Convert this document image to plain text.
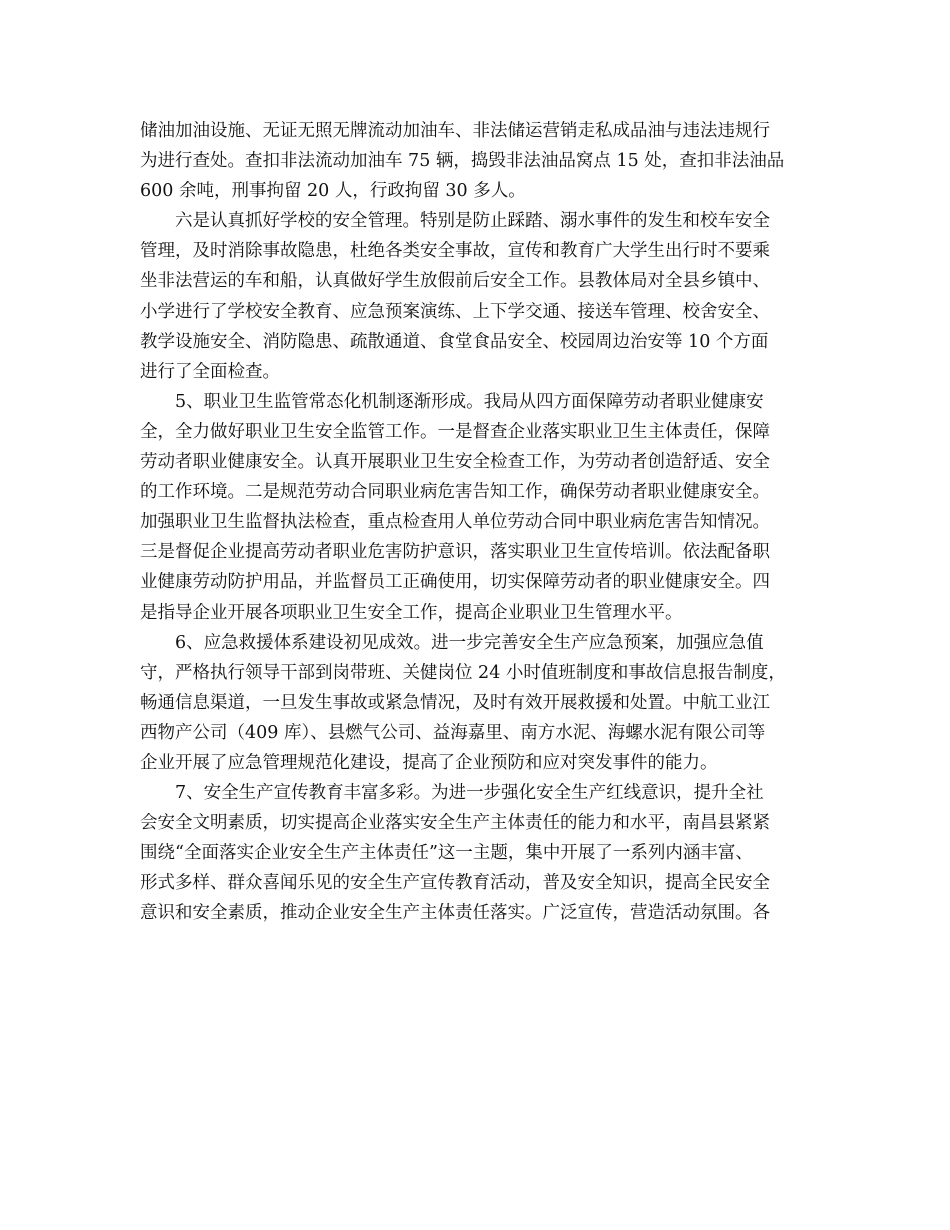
储油加油设施、无证无照无牌流动加油车、非法储运营销走私成品油与违法违规行
为进行查处。查扣非法流动加油车 75 辆，捣毁非法油品窝点 15 处，查扣非法油品
600 余吨，刑事拘留 20 人，行政拘留 30 多人。
六是认真抓好学校的安全管理。特别是防止踩踏、溺水事件的发生和校车安全
管理，及时消除事故隐患，杜绝各类安全事故，宣传和教育广大学生出行时不要乘
坐非法营运的车和船，认真做好学生放假前后安全工作。县教体局对全县乡镇中、
小学进行了学校安全教育、应急预案演练、上下学交通、接送车管理、校舍安全、
教学设施安全、消防隐患、疏散通道、食堂食品安全、校园周边治安等 10 个方面
进行了全面检查。
5、职业卫生监管常态化机制逐渐形成。我局从四方面保障劳动者职业健康安
全，全力做好职业卫生安全监管工作。一是督查企业落实职业卫生主体责任，保障
劳动者职业健康安全。认真开展职业卫生安全检查工作，为劳动者创造舒适、安全
的工作环境。二是规范劳动合同职业病危害告知工作，确保劳动者职业健康安全。
加强职业卫生监督执法检查，重点检查用人单位劳动合同中职业病危害告知情况。
三是督促企业提高劳动者职业危害防护意识，落实职业卫生宣传培训。依法配备职
业健康劳动防护用品，并监督员工正确使用，切实保障劳动者的职业健康安全。四
是指导企业开展各项职业卫生安全工作，提高企业职业卫生管理水平。
6、应急救援体系建设初见成效。进一步完善安全生产应急预案，加强应急值
守，严格执行领导干部到岗带班、关健岗位 24 小时值班制度和事故信息报告制度，
畅通信息渠道，一旦发生事故或紧急情况，及时有效开展救援和处置。中航工业江
西物产公司（409 库）、县燃气公司、益海嘉里、南方水泥、海螺水泥有限公司等
企业开展了应急管理规范化建设，提高了企业预防和应对突发事件的能力。
7、安全生产宣传教育丰富多彩。为进一步强化安全生产红线意识，提升全社
会安全文明素质，切实提高企业落实安全生产主体责任的能力和水平，南昌县紧紧
围绕“全面落实企业安全生产主体责任”这一主题，集中开展了一系列内涵丰富、
形式多样、群众喜闻乐见的安全生产宣传教育活动，普及安全知识，提高全民安全
意识和安全素质，推动企业安全生产主体责任落实。广泛宣传，营造活动氛围。各
